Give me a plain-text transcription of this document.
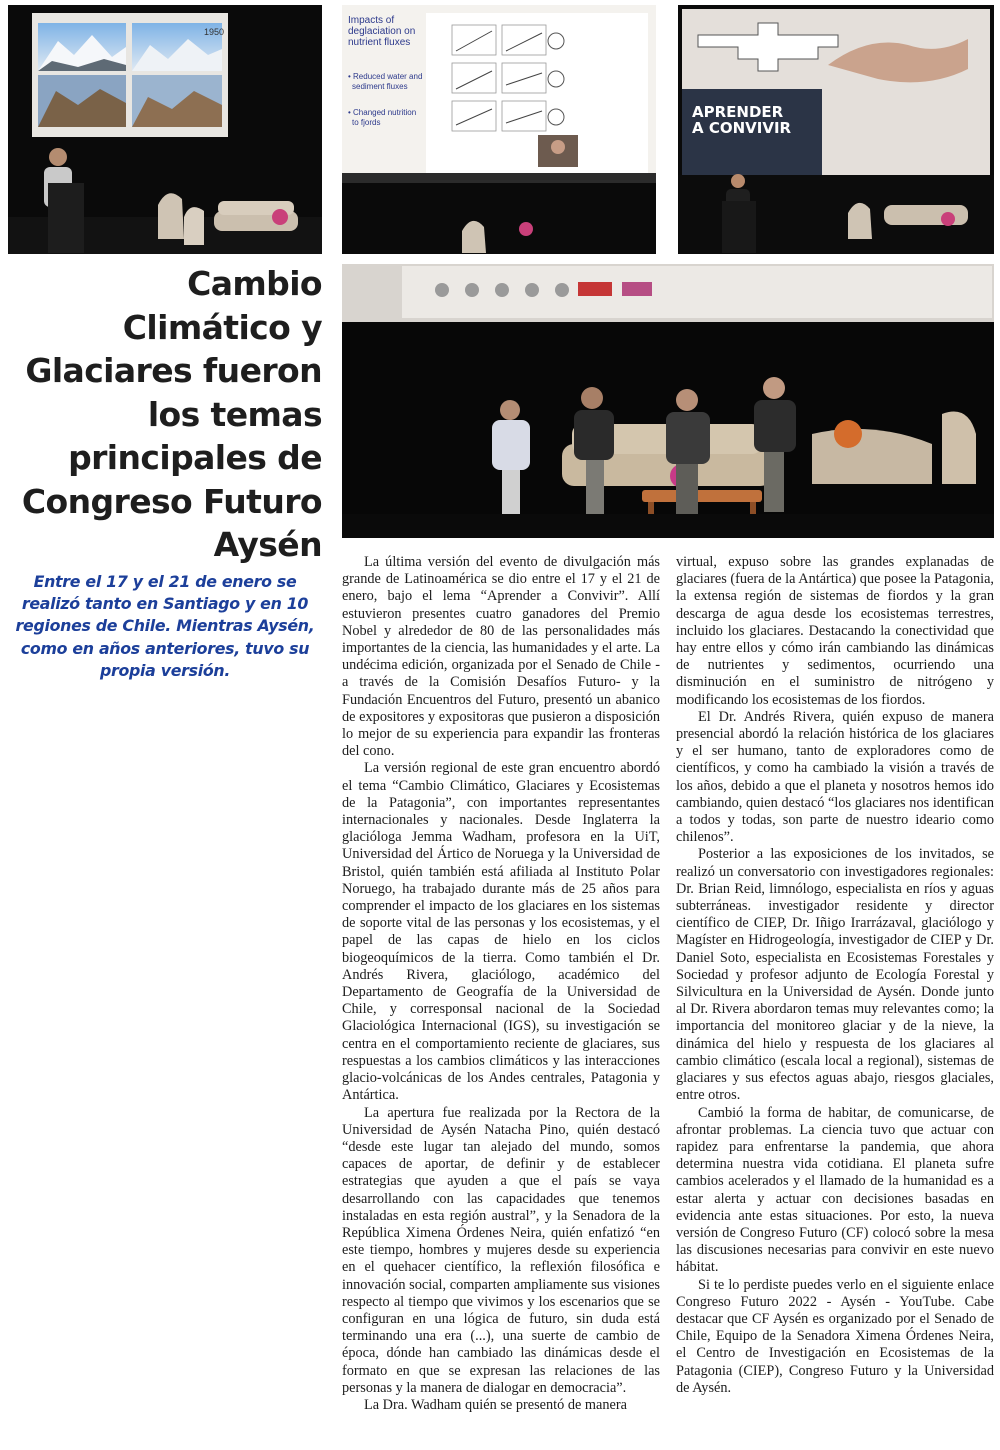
1950
Impacts of deglaciation on nutrient fluxes
• Reduced water and sediment fluxes • Changed nutrition to fjords
APRENDER A CONVIVIR
Cambio
Climático y
Glaciares fueron
los temas
principales de
Congreso Futuro
Aysén

Entre el 17 y el 21 de enero se realizó tanto en Santiago y en 10 regiones de Chile. Mientras Aysén, como en años anteriores, tuvo su propia versión.

La última versión del evento de divulgación más grande de Latinoamérica se dio entre el 17 y el 21 de enero, bajo el lema “Aprender a Convivir”. Allí estuvieron presentes cuatro ganadores del Premio Nobel y alrededor de 80 de las personalidades más importantes de la ciencia, las humanidades y el arte. La undécima edición, organizada por el Senado de Chile -a través de la Comisión Desafíos Futuro- y la Fundación Encuentros del Futuro, presentó un abanico de expositores y expositoras que pusieron a disposición lo mejor de su experiencia para expandir las fronteras del cono.

La versión regional de este gran encuentro abordó el tema “Cambio Climático, Glaciares y Ecosistemas de la Patagonia”, con importantes representantes internacionales y nacionales. Desde Inglaterra la glacióloga Jemma Wadham, profesora en la UiT, Universidad del Ártico de Noruega y la Universidad de Bristol, quién también está afiliada al Instituto Polar Noruego, ha trabajado durante más de 25 años para comprender el impacto de los glaciares en los sistemas de soporte vital de las personas y los ecosistemas, y el papel de las capas de hielo en los ciclos biogeoquímicos de la tierra. Como también el Dr. Andrés Rivera, glaciólogo, académico del Departamento de Geografía de la Universidad de Chile, y corresponsal nacional de la Sociedad Glaciológica Internacional (IGS), su investigación se centra en el comportamiento reciente de glaciares, sus respuestas a los cambios climáticos y las interacciones glacio-volcánicas de los Andes centrales, Patagonia y Antártica.

La apertura fue realizada por la Rectora de la Universidad de Aysén Natacha Pino, quién destacó “desde este lugar tan alejado del mundo, somos capaces de aportar, de definir y de establecer estrategias que ayuden a que el país se vaya desarrollando con las capacidades que tenemos instaladas en esta región austral”, y la Senadora de la República Ximena Órdenes Neira, quién enfatizó “en este tiempo, hombres y mujeres desde su experiencia en el quehacer científico, la reflexión filosófica e innovación social, comparten ampliamente sus visiones respecto al tiempo que vivimos y los escenarios que se configuran en una lógica de futuro, sin duda está terminando una era (...), una suerte de cambio de época, dónde han cambiado las dinámicas desde el formato en que se expresan las relaciones de las personas y la manera de dialogar en democracia”.

La Dra. Wadham quién se presentó de manera

virtual, expuso sobre las grandes explanadas de glaciares (fuera de la Antártica) que posee la Patagonia, la extensa región de sistemas de fiordos y la gran descarga de agua desde los ecosistemas terrestres, incluido los glaciares. Destacando la conectividad que hay entre ellos y cómo irán cambiando las dinámicas de nutrientes y sedimentos, ocurriendo una disminución en el suministro de nitrógeno y modificando los ecosistemas de los fiordos.

El Dr. Andrés Rivera, quién expuso de manera presencial abordó la relación histórica de los glaciares y el ser humano, tanto de exploradores como de científicos, y como ha cambiado la visión a través de los años, debido a que el planeta y nosotros hemos ido cambiando, quien destacó “los glaciares nos identifican a todos y todas, son parte de nuestro ideario como chilenos”.

Posterior a las exposiciones de los invitados, se realizó un conversatorio con investigadores regionales: Dr. Brian Reid, limnólogo, especialista en ríos y aguas subterráneas. investigador residente y director científico de CIEP, Dr. Iñigo Irarrázaval, glaciólogo y Magíster en Hidrogeología, investigador de CIEP y Dr. Daniel Soto, especialista en Ecosistemas Forestales y Sociedad y profesor adjunto de Ecología Forestal y Silvicultura en la Universidad de Aysén. Donde junto al Dr. Rivera abordaron temas muy relevantes como; la importancia del monitoreo glaciar y de la nieve, la dinámica del hielo y respuesta de los glaciares al cambio climático (escala local a regional), sistemas de glaciares y sus efectos aguas abajo, riesgos glaciales, entre otros.

Cambió la forma de habitar, de comunicarse, de afrontar problemas. La ciencia tuvo que actuar con rapidez para enfrentarse la pandemia, que ahora determina nuestra vida cotidiana. El planeta sufre cambios acelerados y el llamado de la humanidad es a estar alerta y actuar con decisiones basadas en evidencia ante estas situaciones. Por esto, la nueva versión de Congreso Futuro (CF) colocó sobre la mesa las discusiones necesarias para convivir en este nuevo hábitat.

Si te lo perdiste puedes verlo en el siguiente enlace Congreso Futuro 2022 - Aysén - YouTube. Cabe destacar que CF Aysén es organizado por el Senado de Chile, Equipo de la Senadora Ximena Órdenes Neira, el Centro de Investigación en Ecosistemas de la Patagonia (CIEP), Congreso Futuro y la Universidad de Aysén.
